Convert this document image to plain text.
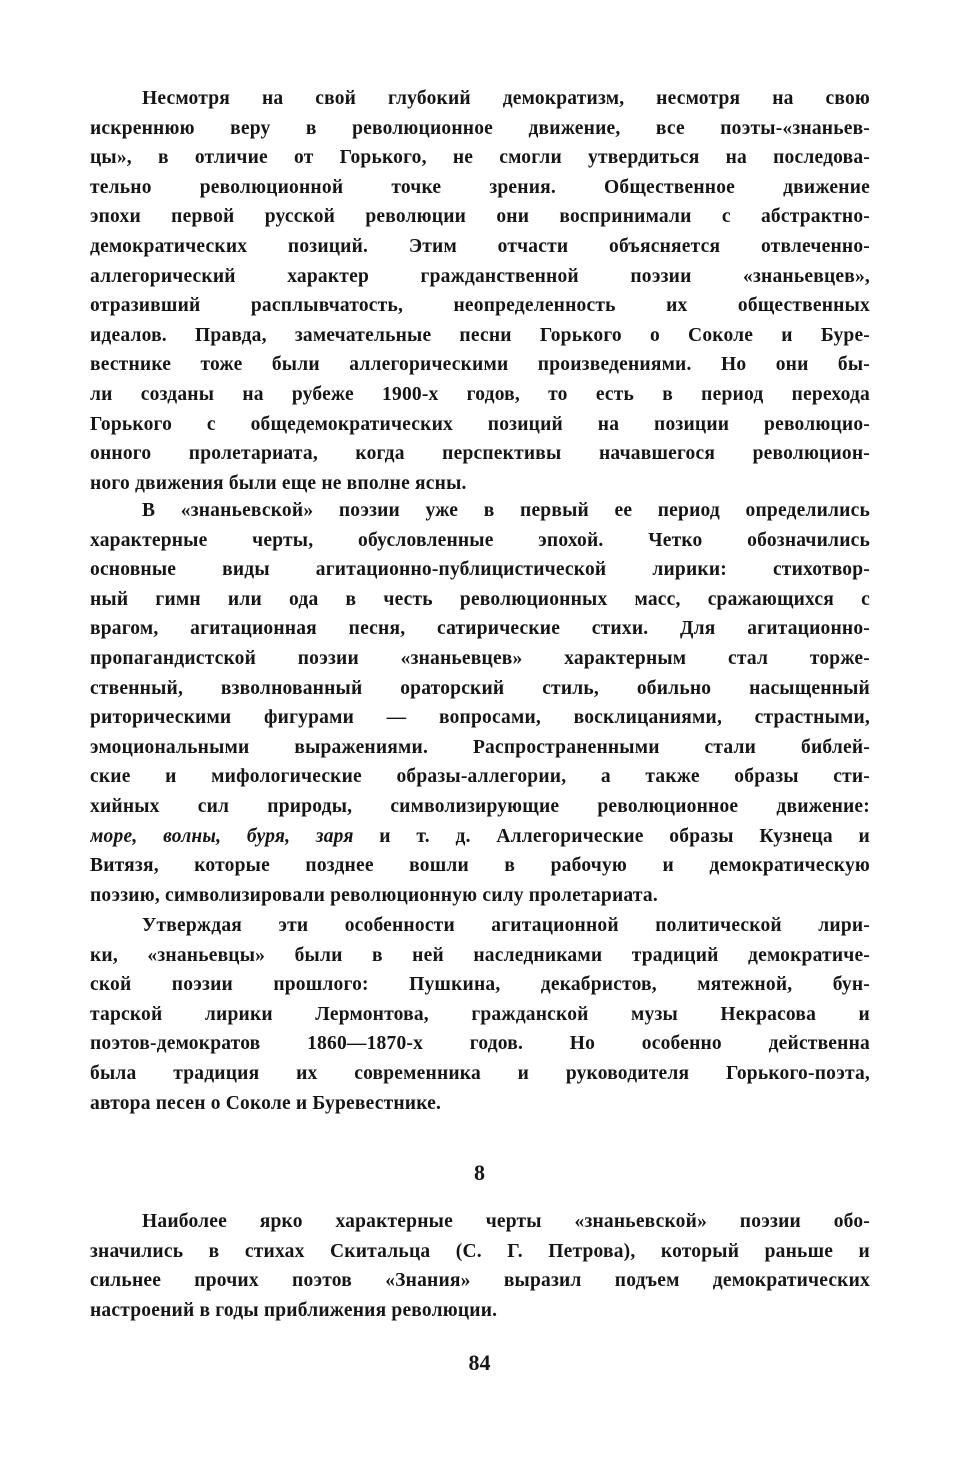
Несмотря на свой глубокий демократизм, несмотря на свою
искреннюю веру в революционное движение, все поэты-«знаньев-
цы», в отличие от Горького, не смогли утвердиться на последова-
тельно революционной точке зрения. Общественное движение
эпохи первой русской революции они воспринимали с абстрактно-
демократических позиций. Этим отчасти объясняется отвлеченно-
аллегорический характер гражданственной поэзии «знаньевцев»,
отразивший расплывчатость, неопределенность их общественных
идеалов. Правда, замечательные песни Горького о Соколе и Буре-
вестнике тоже были аллегорическими произведениями. Но они бы-
ли созданы на рубеже 1900-х годов, то есть в период перехода
Горького с общедемократических позиций на позиции революцио-
онного пролетариата, когда перспективы начавшегося революцион-
ного движения были еще не вполне ясны.
В «знаньевской» поэзии уже в первый ее период определились
характерные черты, обусловленные эпохой. Четко обозначились
основные виды агитационно-публицистической лирики: стихотвор-
ный гимн или ода в честь революционных масс, сражающихся с
врагом, агитационная песня, сатирические стихи. Для агитационно-
пропагандистской поэзии «знаньевцев» характерным стал торже-
ственный, взволнованный ораторский стиль, обильно насыщенный
риторическими фигурами — вопросами, восклицаниями, страстными,
эмоциональными выражениями. Распространенными стали библей-
ские и мифологические образы-аллегории, а также образы сти-
хийных сил природы, символизирующие революционное движение:
море, волны, буря, заря и т. д. Аллегорические образы Кузнеца и
Витязя, которые позднее вошли в рабочую и демократическую
поэзию, символизировали революционную силу пролетариата.
Утверждая эти особенности агитационной политической лири-
ки, «знаньевцы» были в ней наследниками традиций демократиче-
ской поэзии прошлого: Пушкина, декабристов, мятежной, бун-
тарской лирики Лермонтова, гражданской музы Некрасова и
поэтов-демократов 1860—1870-х годов. Но особенно действенна
была традиция их современника и руководителя Горького-поэта,
автора песен о Соколе и Буревестнике.
8
Наиболее ярко характерные черты «знаньевской» поэзии обо-
значились в стихах Скитальца (С. Г. Петрова), который раньше и
сильнее прочих поэтов «Знания» выразил подъем демократических
настроений в годы приближения революции.
84
